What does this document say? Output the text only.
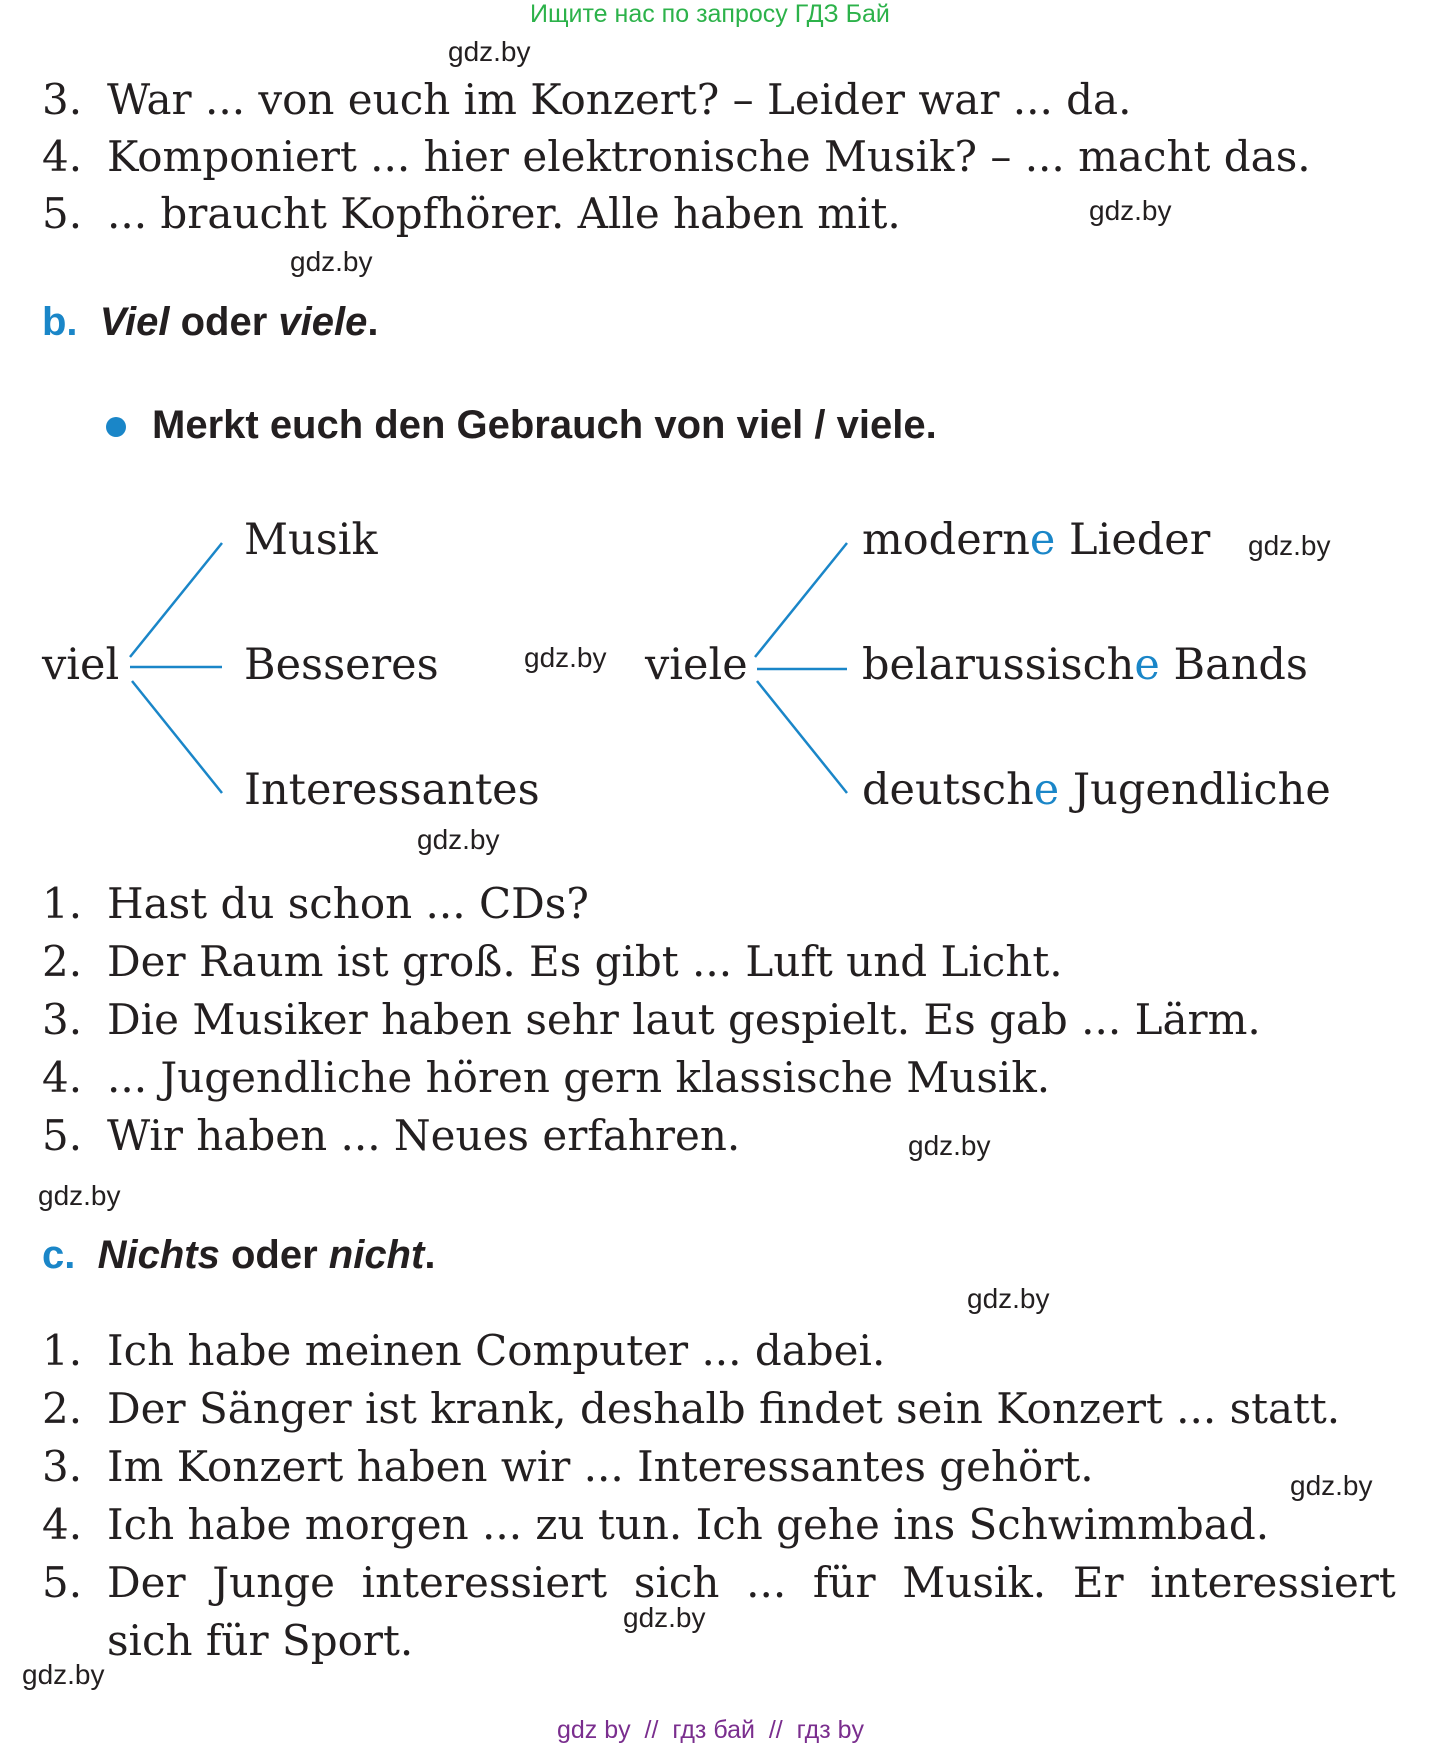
Ищите нас по запросу ГДЗ Бай
3. War ... von euch im Konzert? – Leider war ... da.
4. Komponiert ... hier elektronische Musik? – ... macht das.
5. ... braucht Kopfhörer. Alle haben mit.
b. Viel oder viele.
Merkt euch den Gebrauch von viel / viele.
viel
Musik
Besseres
Interessantes
viele
moderne Lieder
belarussische Bands
deutsche Jugendliche
1. Hast du schon ... CDs?
2. Der Raum ist groß. Es gibt ... Luft und Licht.
3. Die Musiker haben sehr laut gespielt. Es gab ... Lärm.
4. ... Jugendliche hören gern klassische Musik.
5. Wir haben ... Neues erfahren.
c. Nichts oder nicht.
1. Ich habe meinen Computer ... dabei.
2. Der Sänger ist krank, deshalb findet sein Konzert ... statt.
3. Im Konzert haben wir ... Interessantes gehört.
4. Ich habe morgen ... zu tun. Ich gehe ins Schwimmbad.
5. Der  Junge  interessiert  sich  ...  für  Musik.  Er  interessiert
sich für Sport.
gdz.by
gdz.by
gdz.by
gdz.by
gdz.by
gdz.by
gdz.by
gdz.by
gdz.by
gdz.by
gdz.by
gdz.by
gdz by  //  гдз бай  //  гдз by
